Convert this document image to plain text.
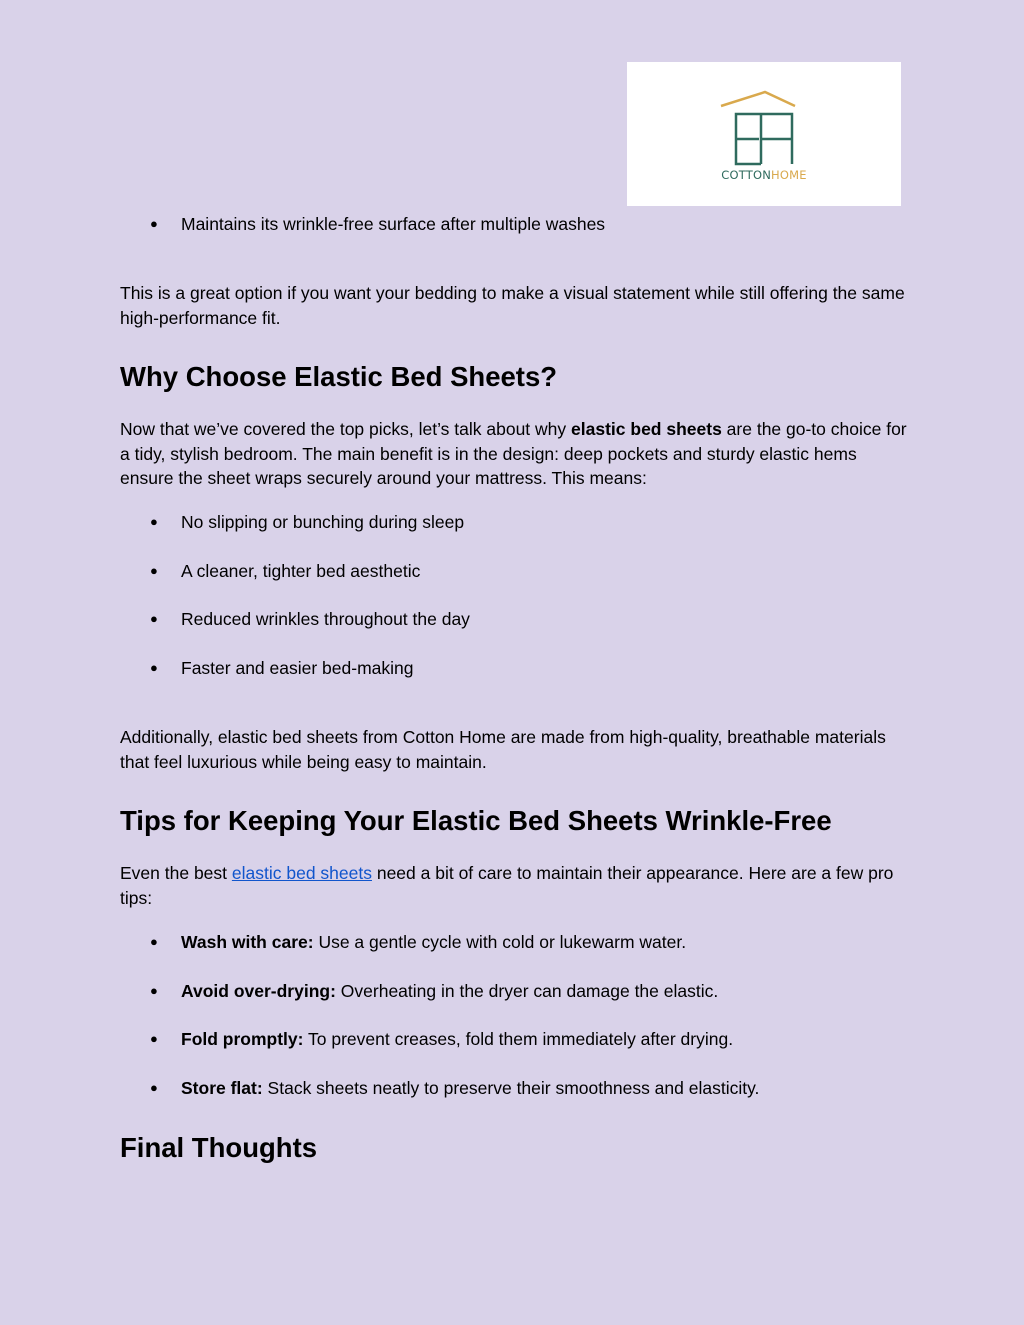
COTTONHOME
● Maintains its wrinkle-free surface after multiple washes
This is a great option if you want your bedding to make a visual statement while still offering the same high-performance fit.
Why Choose Elastic Bed Sheets?
Now that we’ve covered the top picks, let’s talk about why elastic bed sheets are the go-to choice for a tidy, stylish bedroom. The main benefit is in the design: deep pockets and sturdy elastic hems ensure the sheet wraps securely around your mattress. This means:
● No slipping or bunching during sleep
● A cleaner, tighter bed aesthetic
● Reduced wrinkles throughout the day
● Faster and easier bed-making
Additionally, elastic bed sheets from Cotton Home are made from high-quality, breathable materials that feel luxurious while being easy to maintain.
Tips for Keeping Your Elastic Bed Sheets Wrinkle-Free
Even the best elastic bed sheets need a bit of care to maintain their appearance. Here are a few pro tips:
● Wash with care: Use a gentle cycle with cold or lukewarm water.
● Avoid over-drying: Overheating in the dryer can damage the elastic.
● Fold promptly: To prevent creases, fold them immediately after drying.
● Store flat: Stack sheets neatly to preserve their smoothness and elasticity.
Final Thoughts
